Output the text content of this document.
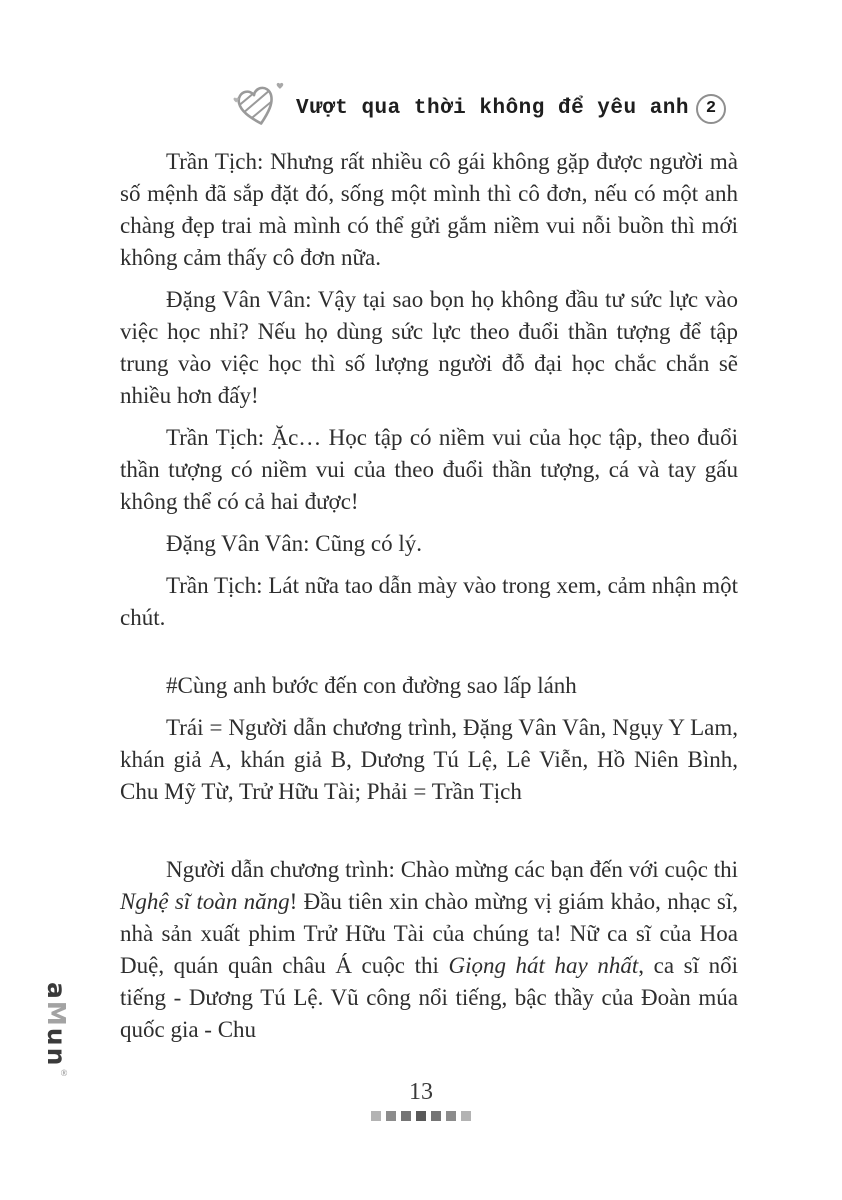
Vượt qua thời không để yêu anh 2

Trần Tịch: Nhưng rất nhiều cô gái không gặp được người mà số mệnh đã sắp đặt đó, sống một mình thì cô đơn, nếu có một anh chàng đẹp trai mà mình có thể gửi gắm niềm vui nỗi buồn thì mới không cảm thấy cô đơn nữa.

Đặng Vân Vân: Vậy tại sao bọn họ không đầu tư sức lực vào việc học nhỉ? Nếu họ dùng sức lực theo đuổi thần tượng để tập trung vào việc học thì số lượng người đỗ đại học chắc chắn sẽ nhiều hơn đấy!

Trần Tịch: Ặc… Học tập có niềm vui của học tập, theo đuổi thần tượng có niềm vui của theo đuổi thần tượng, cá và tay gấu không thể có cả hai được!

Đặng Vân Vân: Cũng có lý.

Trần Tịch: Lát nữa tao dẫn mày vào trong xem, cảm nhận một chút.

#Cùng anh bước đến con đường sao lấp lánh

Trái = Người dẫn chương trình, Đặng Vân Vân, Ngụy Y Lam, khán giả A, khán giả B, Dương Tú Lệ, Lê Viễn, Hồ Niên Bình, Chu Mỹ Từ, Trử Hữu Tài; Phải = Trần Tịch

Người dẫn chương trình: Chào mừng các bạn đến với cuộc thi Nghệ sĩ toàn năng! Đầu tiên xin chào mừng vị giám khảo, nhạc sĩ, nhà sản xuất phim Trử Hữu Tài của chúng ta! Nữ ca sĩ của Hoa Duệ, quán quân châu Á cuộc thi Giọng hát hay nhất, ca sĩ nổi tiếng - Dương Tú Lệ. Vũ công nổi tiếng, bậc thầy của Đoàn múa quốc gia - Chu

aMun
®
13
